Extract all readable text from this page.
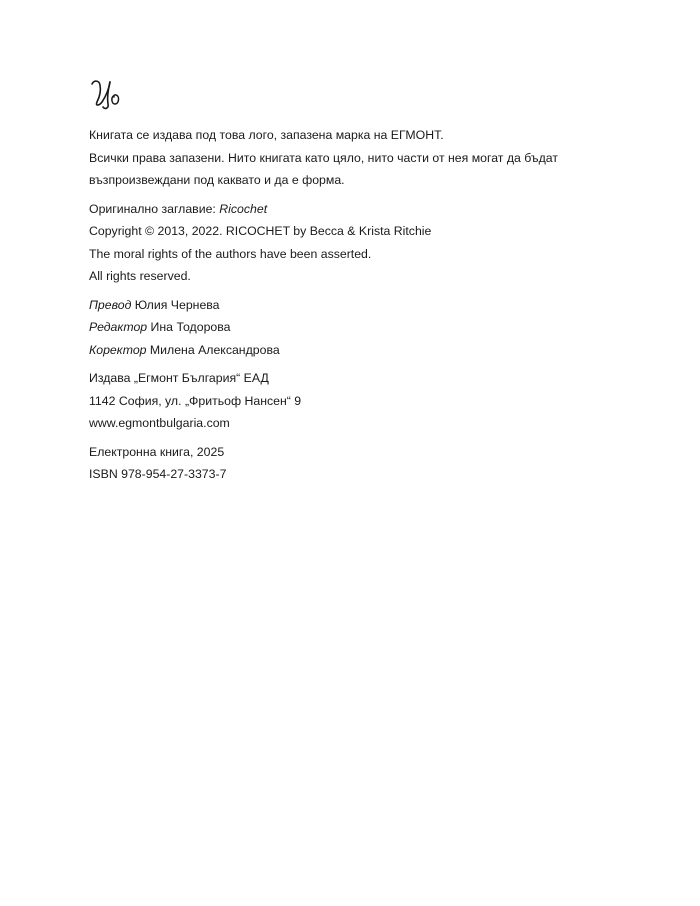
Книгата се издава под това лого, запазена марка на ЕГМОНТ.
Всички права запазени. Нито книгата като цяло, нито части от нея могат да бъдат
възпроизвеждани под каквато и да е форма.
Оригинално заглавие: Ricochet
Copyright © 2013, 2022. RICOCHET by Becca & Krista Ritchie
The moral rights of the authors have been asserted.
All rights reserved.
Превод Юлия Чернева
Редактор Ина Тодорова
Коректор Милена Александрова
Издава „Егмонт България“ ЕАД
1142 София, ул. „Фритьоф Нансен“ 9
www.egmontbulgaria.com
Електронна книга, 2025
ISBN 978-954-27-3373-7
